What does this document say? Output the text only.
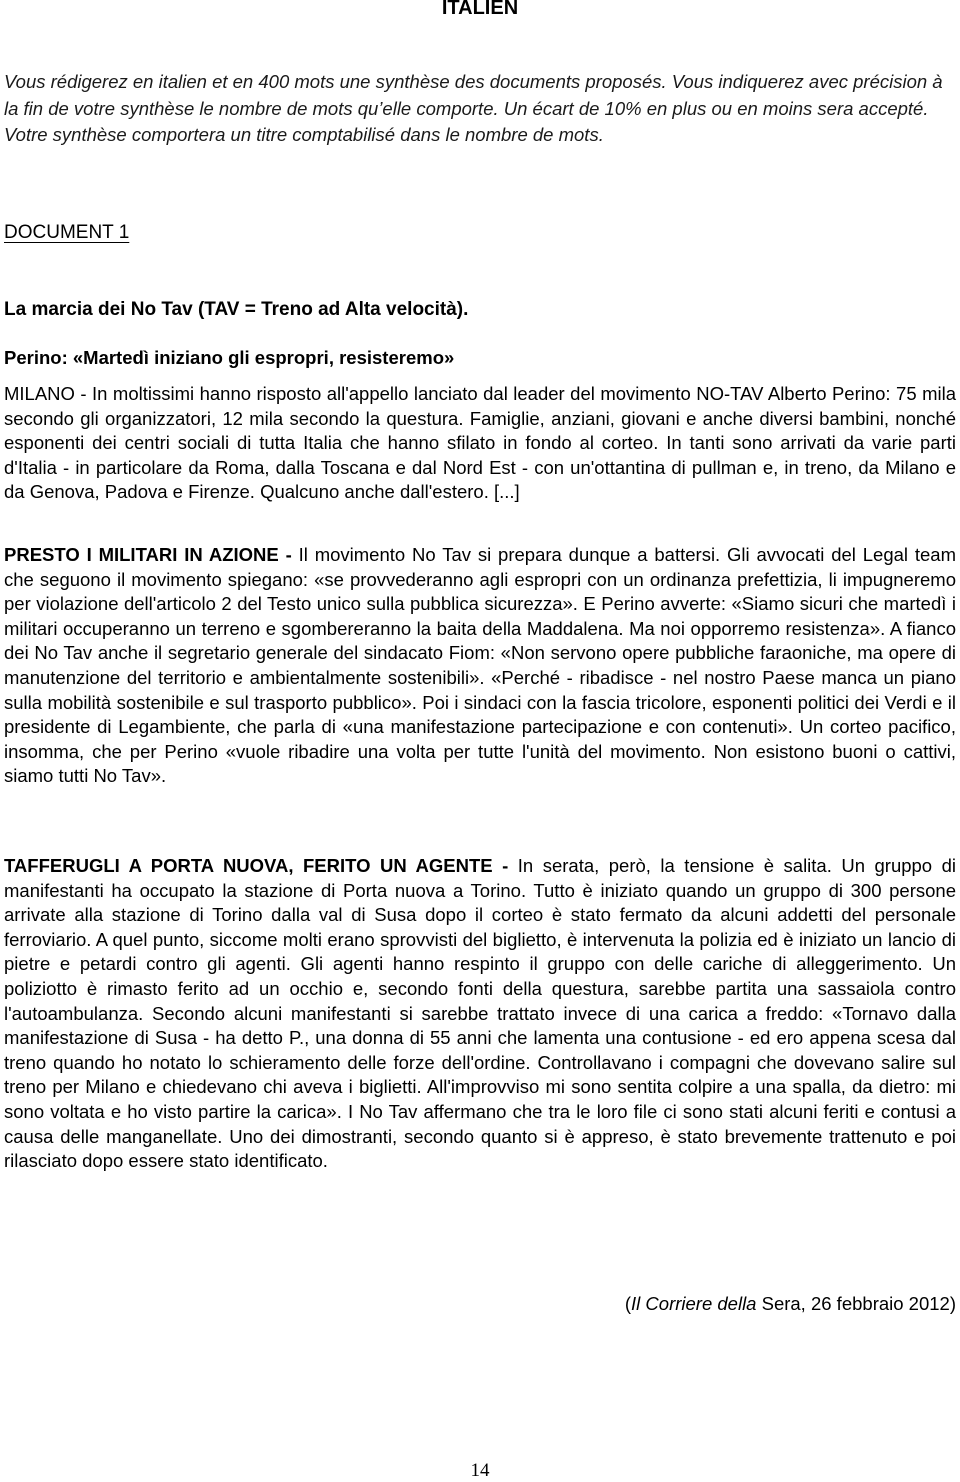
ITALIEN

Vous rédigerez en italien et en 400 mots une synthèse des documents proposés. Vous indiquerez avec précision à la fin de votre synthèse le nombre de mots qu’elle comporte. Un écart de 10% en plus ou en moins sera accepté. Votre synthèse comportera un titre comptabilisé dans le nombre de mots.

DOCUMENT 1
La marcia dei No Tav (TAV = Treno ad Alta velocità).
Perino: «Martedì iniziano gli espropri, resisteremo»

MILANO - In moltissimi hanno risposto all'appello lanciato dal leader del movimento NO-TAV Alberto Perino: 75 mila secondo gli organizzatori, 12 mila secondo la questura. Famiglie, anziani, giovani e anche diversi bambini, nonché esponenti dei centri sociali di tutta Italia che hanno sfilato in fondo al corteo. In tanti sono arrivati da varie parti d'Italia - in particolare da Roma, dalla Toscana e dal Nord Est - con un'ottantina di pullman e, in treno, da Milano e da Genova, Padova e Firenze. Qualcuno anche dall'estero. [...]

PRESTO I MILITARI IN AZIONE - Il movimento No Tav si prepara dunque a battersi. Gli avvocati del Legal team che seguono il movimento spiegano: «se provvederanno agli espropri con un ordinanza prefettizia, li impugneremo per violazione dell'articolo 2 del Testo unico sulla pubblica sicurezza». E Perino avverte: «Siamo sicuri che martedì i militari occuperanno un terreno e sgombereranno la baita della Maddalena. Ma noi opporremo resistenza». A fianco dei No Tav anche il segretario generale del sindacato Fiom: «Non servono opere pubbliche faraoniche, ma opere di manutenzione del territorio e ambientalmente sostenibili». «Perché - ribadisce - nel nostro Paese manca un piano sulla mobilità sostenibile e sul trasporto pubblico». Poi i sindaci con la fascia tricolore, esponenti politici dei Verdi e il presidente di Legambiente, che parla di «una manifestazione partecipazione e con contenuti». Un corteo pacifico, insomma, che per Perino «vuole ribadire una volta per tutte l'unità del movimento. Non esistono buoni o cattivi, siamo tutti No Tav».

TAFFERUGLI A PORTA NUOVA, FERITO UN AGENTE - In serata, però, la tensione è salita. Un gruppo di manifestanti ha occupato la stazione di Porta nuova a Torino. Tutto è iniziato quando un gruppo di 300 persone arrivate alla stazione di Torino dalla val di Susa dopo il corteo è stato fermato da alcuni addetti del personale ferroviario. A quel punto, siccome molti erano sprovvisti del biglietto, è intervenuta la polizia ed è iniziato un lancio di pietre e petardi contro gli agenti. Gli agenti hanno respinto il gruppo con delle cariche di alleggerimento. Un poliziotto è rimasto ferito ad un occhio e, secondo fonti della questura, sarebbe partita una sassaiola contro l'autoambulanza. Secondo alcuni manifestanti si sarebbe trattato invece di una carica a freddo: «Tornavo dalla manifestazione di Susa - ha detto P., una donna di 55 anni che lamenta una contusione - ed ero appena scesa dal treno quando ho notato lo schieramento delle forze dell'ordine. Controllavano i compagni che dovevano salire sul treno per Milano e chiedevano chi aveva i biglietti. All'improvviso mi sono sentita colpire a una spalla, da dietro: mi sono voltata e ho visto partire la carica». I No Tav affermano che tra le loro file ci sono stati alcuni feriti e contusi a causa delle manganellate. Uno dei dimostranti, secondo quanto si è appreso, è stato brevemente trattenuto e poi rilasciato dopo essere stato identificato.

(Il Corriere della Sera, 26 febbraio 2012)
14
